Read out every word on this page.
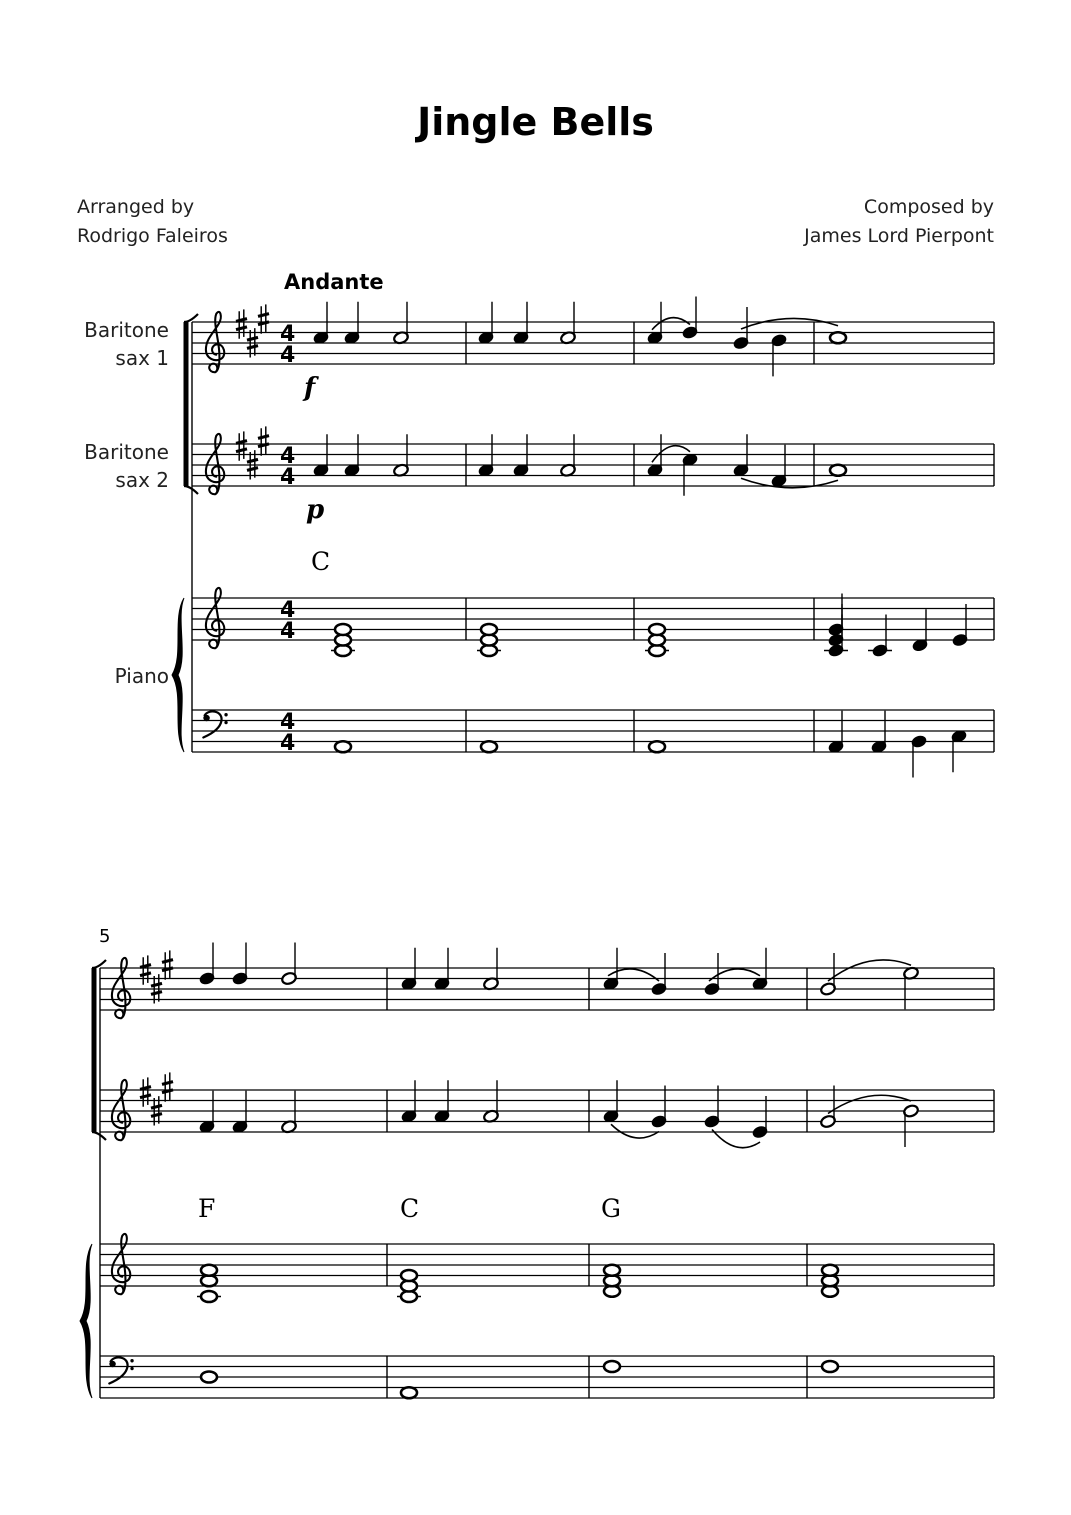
Jingle Bells
Arranged by
Rodrigo Faleiros
Composed by
James Lord Pierpont
Andante
Baritone
sax 1
Baritone
sax 2
Piano
f
p
C
F	C	G
5
4
4
4
4
4
4
4
4
